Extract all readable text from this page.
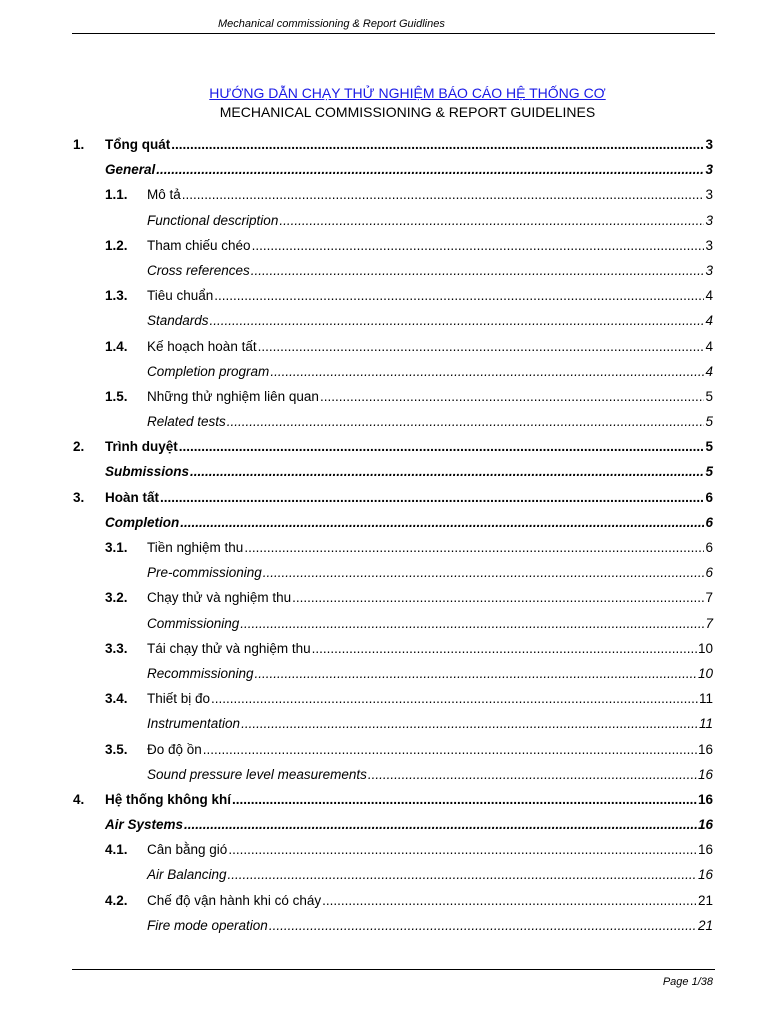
Mechanical commissioning & Report Guidlines
HƯỚNG DẪN CHẠY THỬ NGHIỆM BÁO CÁO HỆ THỐNG CƠ
MECHANICAL COMMISSIONING & REPORT GUIDELINES
1. Tổng quát .....	3
General .....	3
1.1. Mô tả .....	3
Functional description .....	3
1.2. Tham chiếu chéo .....	3
Cross references .....	3
1.3. Tiêu chuẩn .....	4
Standards .....	4
1.4. Kế hoạch hoàn tất .....	4
Completion program .....	4
1.5. Những thử nghiệm liên quan .....	5
Related tests .....	5
2. Trình duyệt .....	5
Submissions .....	5
3. Hoàn tất .....	6
Completion .....	6
3.1. Tiền nghiệm thu .....	6
Pre-commissioning .....	6
3.2. Chạy thử và nghiệm thu .....	7
Commissioning .....	7
3.3. Tái chạy thử và nghiệm thu .....	10
Recommissioning .....	10
3.4. Thiết bị đo .....	11
Instrumentation .....	11
3.5. Đo độ ồn .....	16
Sound pressure level measurements .....	16
4. Hệ thống không khí .....	16
Air Systems .....	16
4.1. Cân bằng gió .....	16
Air Balancing .....	16
4.2. Chế độ vận hành khi có cháy .....	21
Fire mode operation .....	21
Page 1/38
